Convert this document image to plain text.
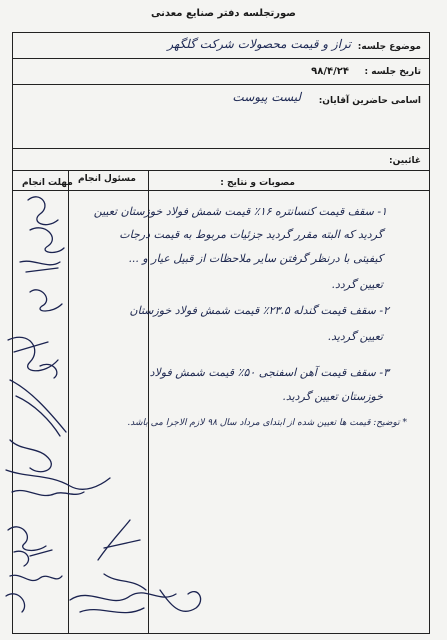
صورتجلسه دفتر صنایع معدنی
موضوع جلسه:
تراز و قیمت محصولات شرکت گلگهر
تاریخ جلسه :
۹۸/۴/۲۴
اسامی حاضرین آقایان:
لیست پیوست
غائبین:
مصوبات و نتایج :
مسئول انجام
مهلت انجام
۱- سقف قیمت کنسانتره ۱۶٪ قیمت شمش فولاد خوزستان تعیین
گردید که البته مقرر گردید جزئیات مربوط به قیمت درجات
کیفیتی با درنظر گرفتن سایر ملاحظات از قبیل عیار و ...
تعیین گردد.
۲- سقف قیمت گندله ۲۳.۵٪ قیمت شمش فولاد خوزستان
تعیین گردید.
۳- سقف قیمت آهن اسفنجی ۵۰٪ قیمت شمش فولاد
خوزستان تعیین گردید.
* توضیح: قیمت ها تعیین شده از ابتدای مرداد سال ۹۸ لازم الاجرا می باشد.
